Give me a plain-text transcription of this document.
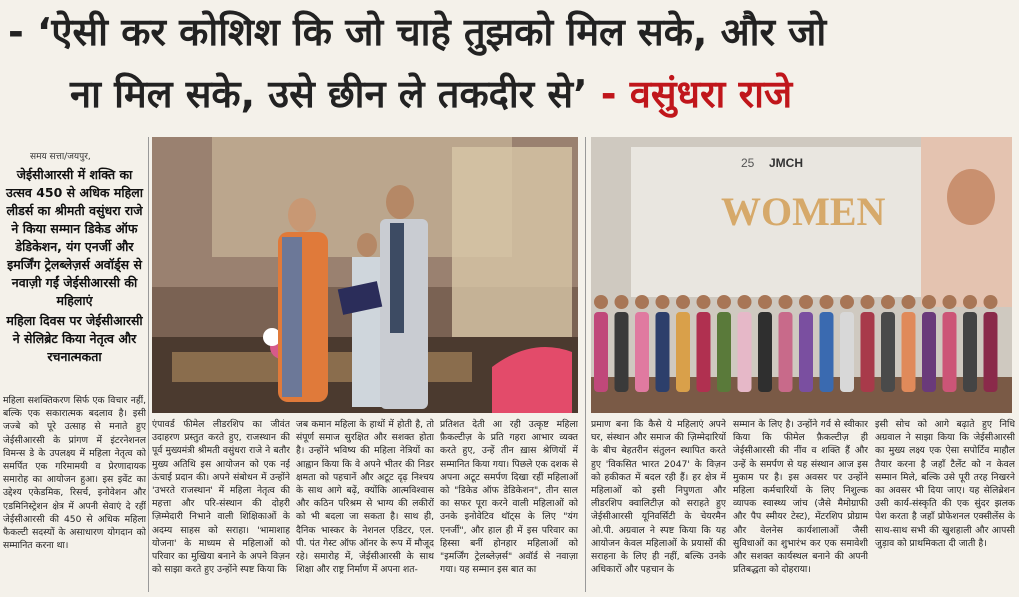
- ‘ऐसी कर कोशिश कि जो चाहे तुझको मिल सके, और जो
ना मिल सके, उसे छीन ले तकदीर से’ - वसुंधरा राजे
समय सत्ता/जयपुर,

जेईसीआरसी में शक्ति का उत्सव 450 से अधिक महिला लीडर्स का श्रीमती वसुंधरा राजे ने किया सम्मान डिकेड ऑफ डेडिकेशन, यंग एनर्जी और इमर्जिंग ट्रेलब्लेज़र्स अवॉर्ड्स से नवाज़ी गईं जेईसीआरसी की महिलाएं

महिला दिवस पर जेईसीआरसी ने सेलिब्रेट किया नेतृत्व और रचनात्मकता

WOMEN
25 JMCH
महिला सशक्तिकरण सिर्फ एक विचार नहीं, बल्कि एक सकारात्मक बदलाव है। इसी जज्बे को पूरे उत्साह से मनाते हुए जेईसीआरसी के प्रांगण में इंटरनेशनल विमन्स डे के उपलक्ष्य में महिला नेतृत्व को समर्पित एक गरिमामयी व प्रेरणादायक समारोह का आयोजन हुआ। इस इवेंट का उद्देश्य एकेडमिक, रिसर्च, इनोवेशन और एडमिनिस्ट्रेशन क्षेत्र में अपनी सेवाएं दे रहीं जेईसीआरसी की 450 से अधिक महिला फैकल्टी सदस्यों के असाधारण योगदान को सम्मानित करना था।
एंपावर्ड फीमेल लीडरशिप का जीवंत उदाहरण प्रस्तुत करते हुए, राजस्थान की पूर्व मुख्यमंत्री श्रीमती वसुंधरा राजे ने बतौर मुख्य अतिथि इस आयोजन को एक नई ऊंचाई प्रदान की। अपने संबोधन में उन्होंने 'उभरते राजस्थान' में महिला नेतृत्व की महत्ता और परि-संस्थान की दोहरी ज़िम्मेदारी निभाने वाली शिक्षिकाओं के अदम्य साहस को सराहा। 'भामाशाह योजना' के माध्यम से महिलाओं को परिवार का मुखिया बनाने के अपने विज़न को साझा करते हुए उन्होंने स्पष्ट किया कि
जब कमान महिला के हाथों में होती है, तो संपूर्ण समाज सुरक्षित और सशक्त होता है। उन्होंने भविष्य की महिला नेत्रियों का आह्वान किया कि वे अपने भीतर की निडर क्षमता को पहचानें और अटूट दृढ़ निश्चय के साथ आगे बढ़ें, क्योंकि आत्मविश्वास और कठिन परिश्रम से भाग्य की लकीरों को भी बदला जा सकता है। साथ ही, दैनिक भास्कर के नेशनल एडिटर, एल. पी. पंत गेस्ट ऑफ ऑनर के रूप में मौजूद रहे। समारोह में, जेईसीआरसी के साथ शिक्षा और राष्ट्र निर्माण में अपना शत-
प्रतिशत देती आ रही उत्कृष्ट महिला फ़ैकल्टीज़ के प्रति गहरा आभार व्यक्त करते हुए, उन्हें तीन ख़ास श्रेणियों में सम्मानित किया गया। पिछले एक दशक से अपना अटूट समर्पण दिखा रहीं महिलाओं को "डिकेड ऑफ डेडिकेशन", तीन साल का सफर पूरा करने वाली महिलाओं को उनके इनोवेटिव थॉट्स के लिए "यंग एनर्जी", और हाल ही में इस परिवार का हिस्सा बनीं होनहार महिलाओं को "इमर्जिंग ट्रेलब्लेज़र्स" अवॉर्ड से नवाज़ा गया। यह सम्मान इस बात का
प्रमाण बना कि कैसे ये महिलाएं अपने घर, संस्थान और समाज की ज़िम्मेदारियों के बीच बेहतरीन संतुलन स्थापित करते हुए 'विकसित भारत 2047' के विज़न को हकीकत में बदल रही हैं। हर क्षेत्र में महिलाओं को इसी निपुणता और लीडरशिप क्वालिटीज़ को सराहते हुए जेईसीआरसी यूनिवर्सिटी के चेयरमैन ओ.पी. अग्रवाल ने स्पष्ट किया कि यह आयोजन केवल महिलाओं के प्रयासों की सराहना के लिए ही नहीं, बल्कि उनके अधिकारों और पहचान के
सम्मान के लिए है। उन्होंने गर्व से स्वीकार किया कि फीमेल फ़ैकल्टीज़ ही जेईसीआरसी की नींव व शक्ति हैं और उन्हें के समर्पण से यह संस्थान आज इस मुकाम पर है। इस अवसर पर उन्होंने महिला कर्मचारियों के लिए निशुल्क व्यापक स्वास्थ्य जांच (जैसे मैमोग्राफी और पैप स्मीयर टेस्ट), मेंटरशिप प्रोग्राम और वेलनेस कार्यशालाओं जैसी सुविधाओं का शुभारंभ कर एक समावेशी और सशक्त कार्यस्थल बनाने की अपनी प्रतिबद्धता को दोहराया।
इसी सोच को आगे बढ़ाते हुए निधि अग्रवाल ने साझा किया कि जेईसीआरसी का मुख्य लक्ष्य एक ऐसा सपोर्टिव माहौल तैयार करना है जहाँ टैलेंट को न केवल सम्मान मिले, बल्कि उसे पूरी तरह निखरने का अवसर भी दिया जाए। यह सेलिब्रेशन उसी कार्य-संस्कृति की एक सुंदर झलक पेश करता है जहाँ प्रोफेशनल एक्सीलेंस के साथ-साथ सभी की खुशहाली और आपसी जुड़ाव को प्राथमिकता दी जाती है।
